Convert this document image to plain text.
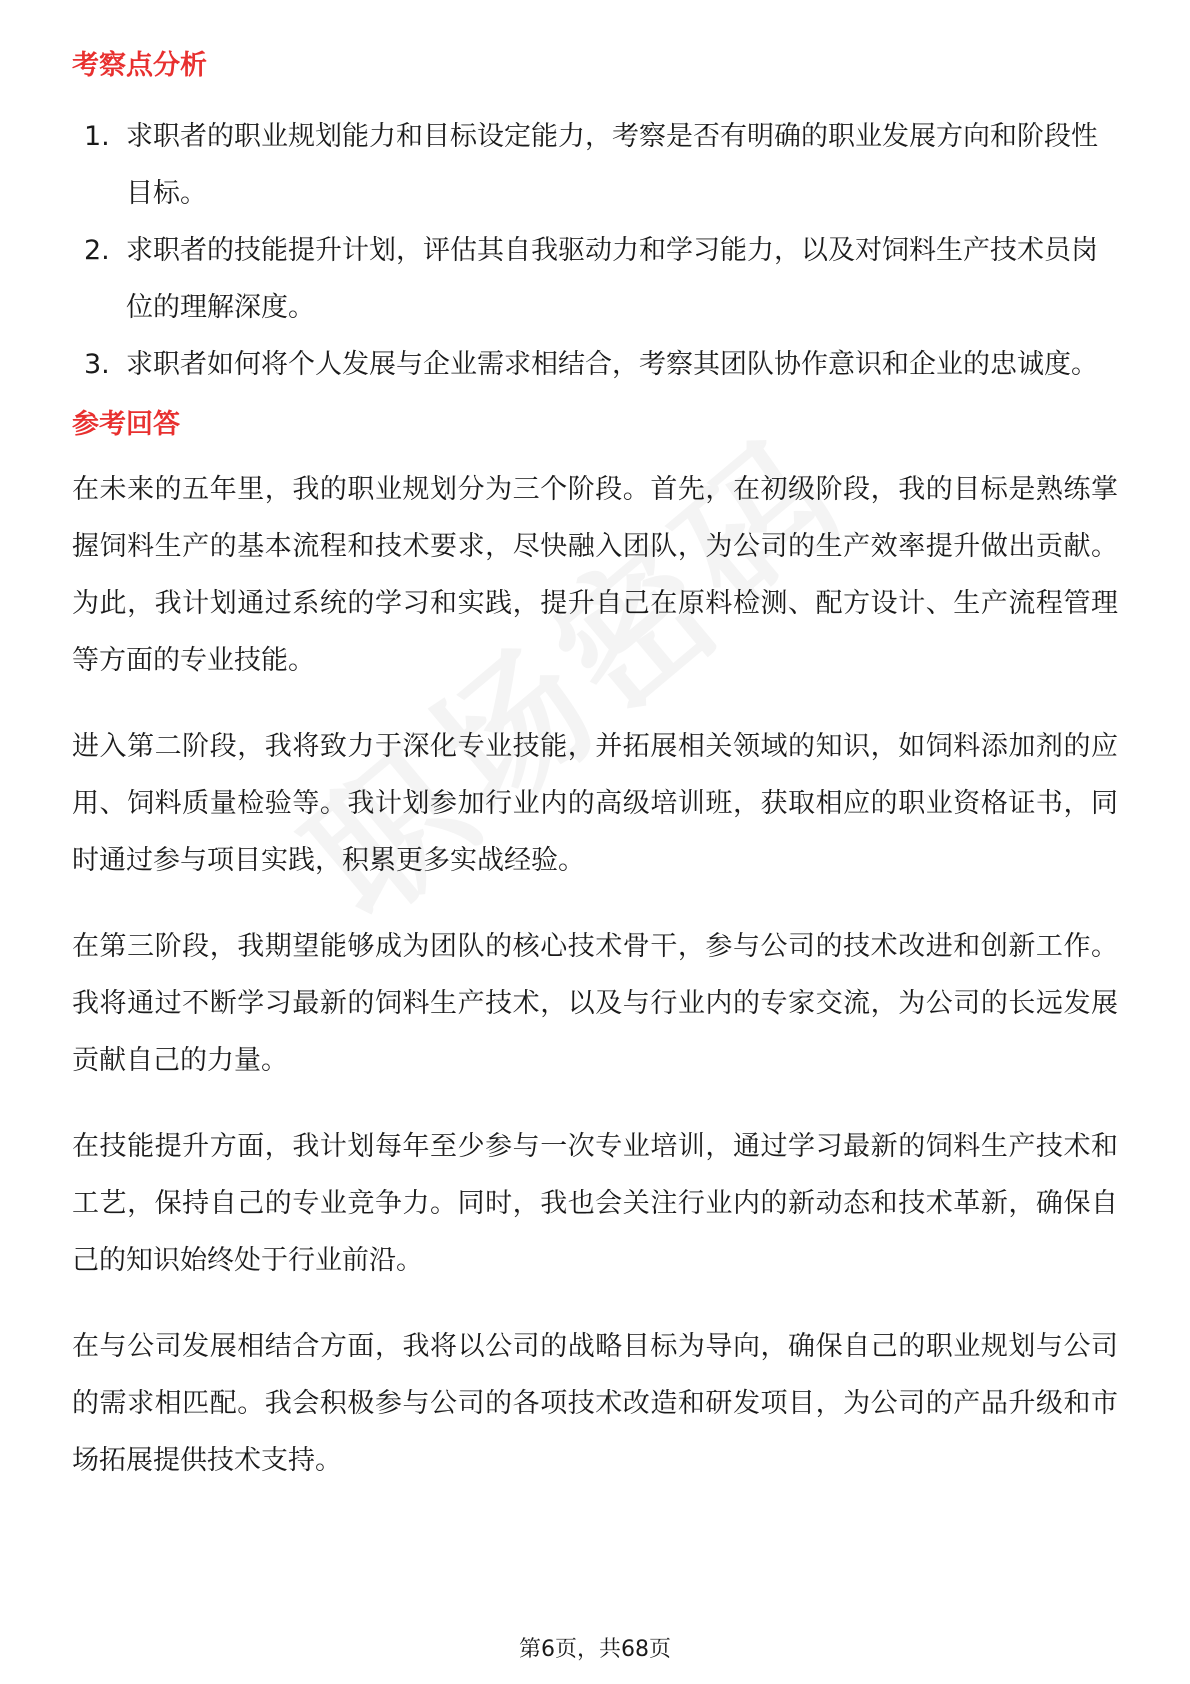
考察点分析
1. 求职者的职业规划能力和目标设定能力，考察是否有明确的职业发展方向和阶段性目标。
2. 求职者的技能提升计划，评估其自我驱动力和学习能力，以及对饲料生产技术员岗位的理解深度。
3. 求职者如何将个人发展与企业需求相结合，考察其团队协作意识和企业的忠诚度。
参考回答

在未来的五年里，我的职业规划分为三个阶段。首先，在初级阶段，我的目标是熟练掌握饲料生产的基本流程和技术要求，尽快融入团队，为公司的生产效率提升做出贡献。为此，我计划通过系统的学习和实践，提升自己在原料检测、配方设计、生产流程管理等方面的专业技能。

进入第二阶段，我将致力于深化专业技能，并拓展相关领域的知识，如饲料添加剂的应用、饲料质量检验等。我计划参加行业内的高级培训班，获取相应的职业资格证书，同时通过参与项目实践，积累更多实战经验。

在第三阶段，我期望能够成为团队的核心技术骨干，参与公司的技术改进和创新工作。我将通过不断学习最新的饲料生产技术，以及与行业内的专家交流，为公司的长远发展贡献自己的力量。

在技能提升方面，我计划每年至少参与一次专业培训，通过学习最新的饲料生产技术和工艺，保持自己的专业竞争力。同时，我也会关注行业内的新动态和技术革新，确保自己的知识始终处于行业前沿。

在与公司发展相结合方面，我将以公司的战略目标为导向，确保自己的职业规划与公司的需求相匹配。我会积极参与公司的各项技术改造和研发项目，为公司的产品升级和市场拓展提供技术支持。

第6页，共68页
